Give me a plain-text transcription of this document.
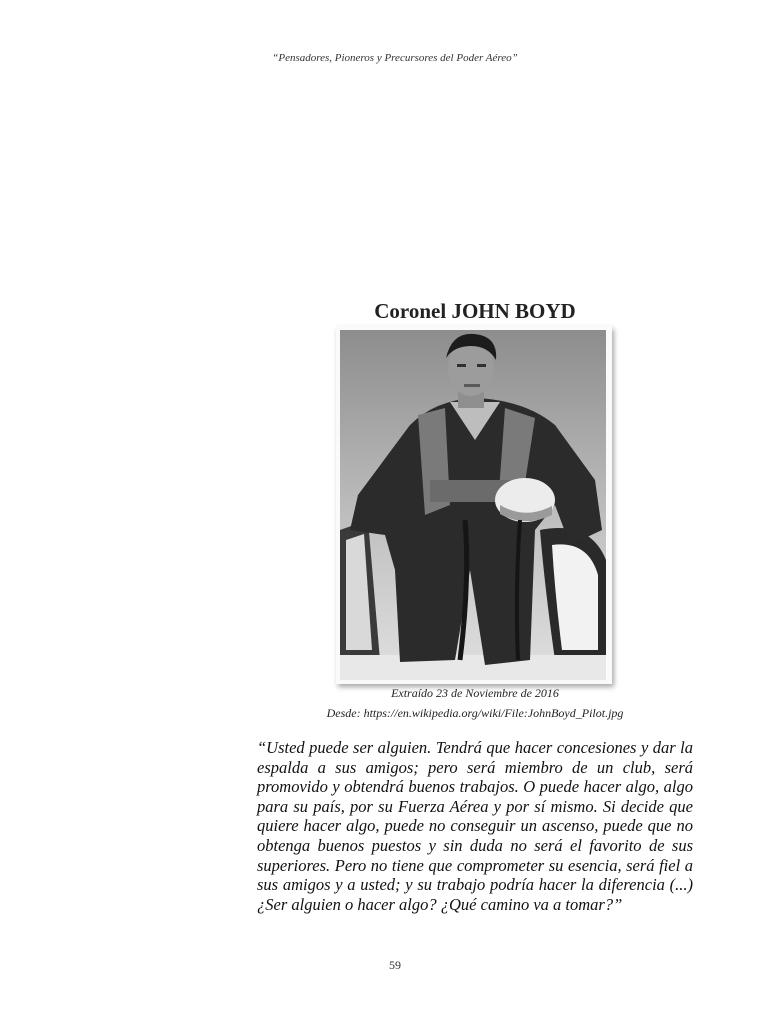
“Pensadores, Pioneros y Precursores del Poder Aéreo”
Coronel JOHN BOYD
Extraído 23 de Noviembre de 2016
Desde: https://en.wikipedia.org/wiki/File:JohnBoyd_Pilot.jpg

“Usted puede ser alguien. Tendrá que hacer concesiones y dar la espalda a sus amigos; pero será miembro de un club, será promovido y obtendrá buenos trabajos. O puede hacer algo, algo para su país, por su Fuerza Aérea y por sí mismo. Si decide que quiere hacer algo, puede no conseguir un ascenso, puede que no obtenga buenos puestos y sin duda no será el favorito de sus superiores. Pero no tiene que comprometer su esencia, será fiel a sus amigos y a usted; y su trabajo podría hacer la diferencia (...) ¿Ser alguien o hacer algo? ¿Qué camino va a tomar?”

59
